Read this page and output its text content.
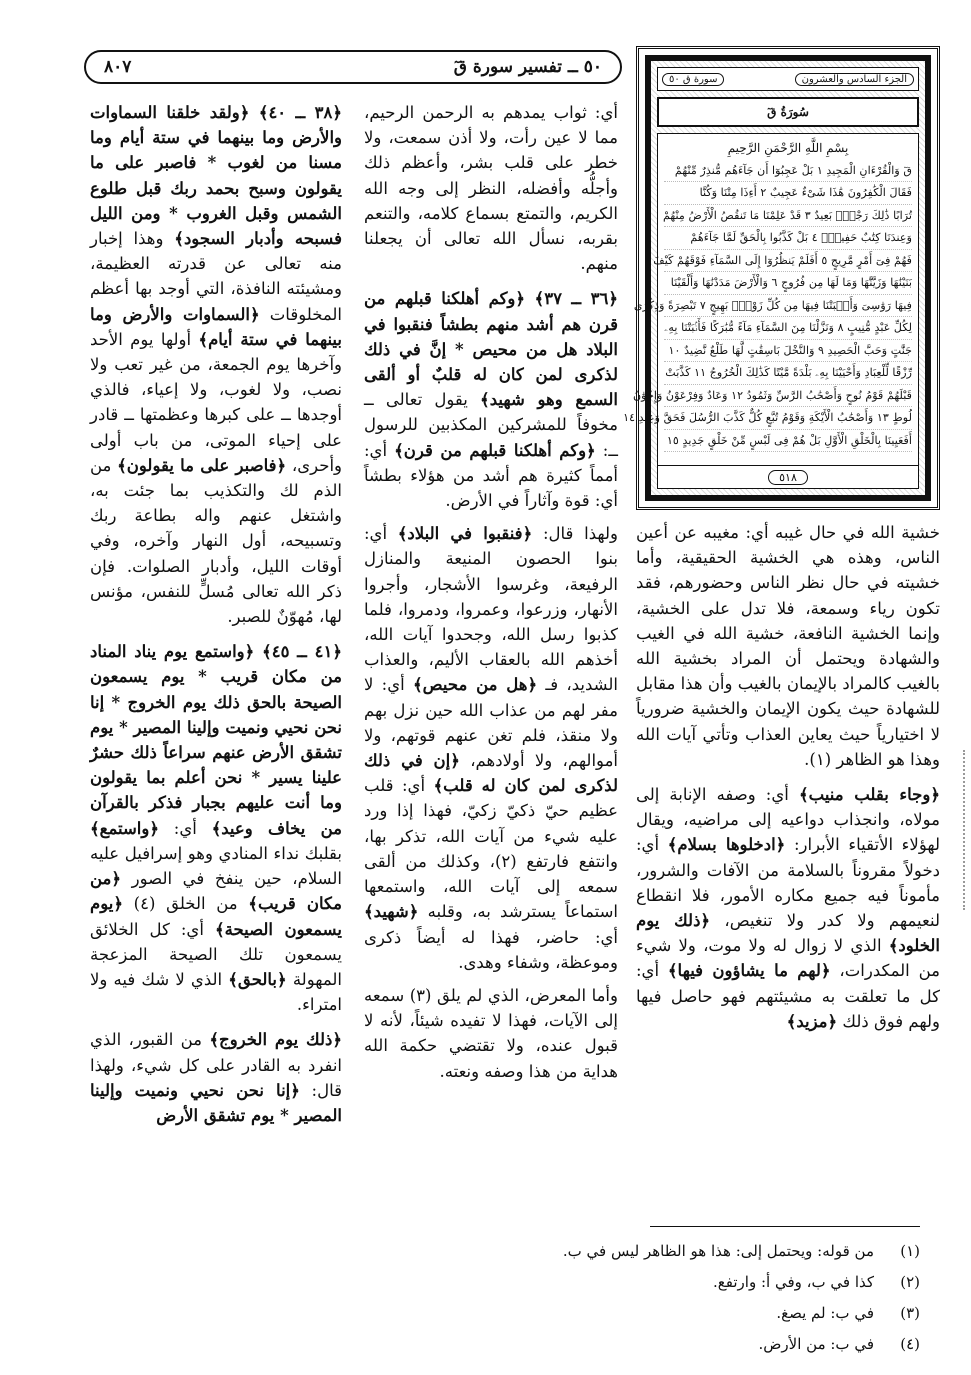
٥٠ ــ تفسير سورة قٓ
٨٠٧
الجزء السادس والعشرون
سورة ق ٥٠
سُورَةُ قٓ
بِسْمِ اللَّهِ الرَّحْمَنِ الرَّحِيمِ
قٓ وَالْقُرْءَانِ الْمَجِيدِ ١ بَلْ عَجِبُوٓا أَن جَآءَهُم مُّنذِرٌ مِّنْهُمْ
فَقَالَ الْكَٰفِرُونَ هَٰذَا شَىْءٌ عَجِيبٌ ٢ أَءِذَا مِتْنَا وَكُنَّا
تُرَابًا ذَٰلِكَ رَجْعٌۢ بَعِيدٌ ٣ قَدْ عَلِمْنَا مَا تَنقُصُ الْأَرْضُ مِنْهُمْ
وَعِندَنَا كِتَٰبٌ حَفِيظٌۢ ٤ بَلْ كَذَّبُوا بِالْحَقِّ لَمَّا جَآءَهُمْ
فَهُمْ فِىٓ أَمْرٍ مَّرِيجٍ ٥ أَفَلَمْ يَنظُرُوٓا إِلَى السَّمَآءِ فَوْقَهُمْ كَيْفَ
بَنَيْنَٰهَا وَزَيَّنَّٰهَا وَمَا لَهَا مِن فُرُوجٍ ٦ وَالْأَرْضَ مَدَدْنَٰهَا وَأَلْقَيْنَا
فِيهَا رَوَٰسِىَ وَأَنۢبَتْنَا فِيهَا مِن كُلِّ زَوْجٍۭ بَهِيجٍ ٧ تَبْصِرَةً وَذِكْرَىٰ
لِكُلِّ عَبْدٍ مُّنِيبٍ ٨ وَنَزَّلْنَا مِنَ السَّمَآءِ مَآءً مُّبَٰرَكًا فَأَنۢبَتْنَا بِهِۦ
جَنَّٰتٍ وَحَبَّ الْحَصِيدِ ٩ وَالنَّخْلَ بَاسِقَٰتٍ لَّهَا طَلْعٌ نَّضِيدٌ ١٠
رِّزْقًا لِّلْعِبَادِ وَأَحْيَيْنَا بِهِۦ بَلْدَةً مَّيْتًا كَذَٰلِكَ الْخُرُوجُ ١١ كَذَّبَتْ
قَبْلَهُمْ قَوْمُ نُوحٍ وَأَصْحَٰبُ الرَّسِّ وَثَمُودُ ١٢ وَعَادٌ وَفِرْعَوْنُ وَإِخْوَٰنُ
لُوطٍ ١٣ وَأَصْحَٰبُ الْأَيْكَةِ وَقَوْمُ تُبَّعٍ كُلٌّ كَذَّبَ الرُّسُلَ فَحَقَّ وَعِيدِ ١٤
أَفَعَيِينَا بِالْخَلْقِ الْأَوَّلِ بَلْ هُمْ فِى لَبْسٍ مِّنْ خَلْقٍ جَدِيدٍ ١٥
٥١٨

خشية الله في حال غيبه أي: مغيبه عن أعين الناس، وهذه هي الخشية الحقيقية، وأما خشيته في حال نظر الناس وحضورهم، فقد تكون رياء وسمعة، فلا تدل على الخشية، وإنما الخشية النافعة، خشية الله في الغيب والشهادة ويحتمل أن المراد بخشية الله بالغيب كالمراد بالإيمان بالغيب وأن هذا مقابل للشهادة حيث يكون الإيمان والخشية ضرورياً لا اختيارياً حيث يعاين العذاب وتأتي آيات الله وهذا هو الظاهر (١).

﴿وجاء بقلب منيب﴾ أي: وصفه الإنابة إلى مولاه، وانجذاب دواعيه إلى مراضيه، ويقال لهؤلاء الأتقياء الأبرار: ﴿ادخلوها بسلام﴾ أي: دخولاً مقروناً بالسلامة من الآفات والشرور، مأموناً فيه جميع مكاره الأمور، فلا انقطاع لنعيمهم ولا كدر ولا تنغيص، ﴿ذلك يوم الخلود﴾ الذي لا زوال له ولا موت، ولا شيء من المكدرات، ﴿لهم ما يشاؤون فيها﴾ أي: كل ما تعلقت به مشيئتهم فهو حاصل فيها ولهم فوق ذلك ﴿مزيد﴾

أي: ثواب يمدهم به الرحمن الرحيم، مما لا عين رأت، ولا أذن سمعت، ولا خطر على قلب بشر، وأعظم ذلك وأجلُّه وأفضله، النظر إلى وجه الله الكريم، والتمتع بسماع كلامه، والتنعم بقربه، نسأل الله تعالى أن يجعلنا منهم.

﴿٣٦ ــ ٣٧﴾ ﴿وكم أهلكنا قبلهم من قرن هم أشد منهم بطشاً فنقبوا في البلاد هل من محيص * إنَّ في ذلك لذكرى لمن كان له قلبٌ أو ألقى السمع وهو شهيد﴾ يقول تعالى ــ مخوفاً للمشركين المكذبين للرسول ــ: ﴿وكم أهلكنا قبلهم من قرن﴾ أي: أمماً كثيرة هم أشد من هؤلاء بطشاً أي: قوة وآثاراً في الأرض.

ولهذا قال: ﴿فنقبوا في البلاد﴾ أي: بنوا الحصون المنيعة والمنازل الرفيعة، وغرسوا الأشجار، وأجروا الأنهار، وزرعوا، وعمروا، ودمروا، فلما كذبوا رسل الله، وجحدوا آيات الله، أخذهم الله بالعقاب الأليم، والعذاب الشديد، فـ ﴿هل من محيص﴾ أي: لا مفر لهم من عذاب الله حين نزل بهم ولا منقذ، فلم تغن عنهم قوتهم، ولا أموالهم، ولا أولادهم، ﴿إن في ذلك لذكرى لمن كان له قلب﴾ أي: قلب عظيم حيّ ذكيّ زكيّ، فهذا إذا ورد عليه شيء من آيات الله، تذكر بها، وانتفع فارتفع (٢)، وكذلك من ألقى سمعه إلى آيات الله، واستمعها استماعاً يسترشد به، وقلبه ﴿شهيد﴾ أي: حاضر، فهذا له أيضاً ذكرى وموعظة، وشفاء وهدى.

وأما المعرض، الذي لم يلق (٣) سمعه إلى الآيات، فهذا لا تفيده شيئاً، لأنه لا قبول عنده، ولا تقتضي حكمة الله هداية من هذا وصفه ونعته.

﴿٣٨ ــ ٤٠﴾ ﴿ولقد خلقنا السماوات والأرض وما بينهما في ستة أيام وما مسنا من لغوب * فاصبر على ما يقولون وسبح بحمد ربك قبل طلوع الشمس وقبل الغروب * ومن الليل فسبحه وأدبار السجود﴾ وهذا إخبار منه تعالى عن قدرته العظيمة، ومشيئته النافذة، التي أوجد بها أعظم المخلوقات ﴿السماوات والأرض وما بينهما في ستة أيام﴾ أولها يوم الأحد وآخرها يوم الجمعة، من غير تعب ولا نصب، ولا لغوب، ولا إعياء، فالذي أوجدها ــ على كبرها وعظمتها ــ قادر على إحياء الموتى، من باب أولى وأحرى، ﴿فاصبر على ما يقولون﴾ من الذم لك والتكذيب بما جئت به، واشتغل عنهم واله بطاعة ربك وتسبيحه، أول النهار وآخره، وفي أوقات الليل، وأدبار الصلوات. فإن ذكر الله تعالى مُسلٍّ للنفس، مؤنس لها، مُهوّنٌ للصبر.

﴿٤١ ــ ٤٥﴾ ﴿واستمع يوم يناد المناد من مكان قريب * يوم يسمعون الصيحة بالحق ذلك يوم الخروج * إنا نحن نحيي ونميت وإلينا المصير * يوم تشقق الأرض عنهم سراعاً ذلك حشرٌ علينا يسير * نحن أعلم بما يقولون وما أنت عليهم بجبار فذكر بالقرآن من يخاف وعيد﴾ أي: ﴿واستمع﴾ بقلبك نداء المنادي وهو إسرافيل عليه السلام، حين ينفخ في الصور ﴿من مكان قريب﴾ من الخلق (٤) ﴿يوم يسمعون الصيحة﴾ أي: كل الخلائق يسمعون تلك الصيحة المزعجة المهولة ﴿بالحق﴾ الذي لا شك فيه ولا امتراء.

﴿ذلك يوم الخروج﴾ من القبور، الذي انفرد به القادر على كل شيء، ولهذا قال: ﴿إنا نحن نحيي ونميت وإلينا المصير * يوم تشقق الأرض

(١)
من قوله: ويحتمل إلى: هذا هو الظاهر ليس في ب.
(٢)
كذا في ب، وفي أ: وارتفع.
(٣)
في ب: لم يصغ.
(٤)
في ب: من الأرض.
